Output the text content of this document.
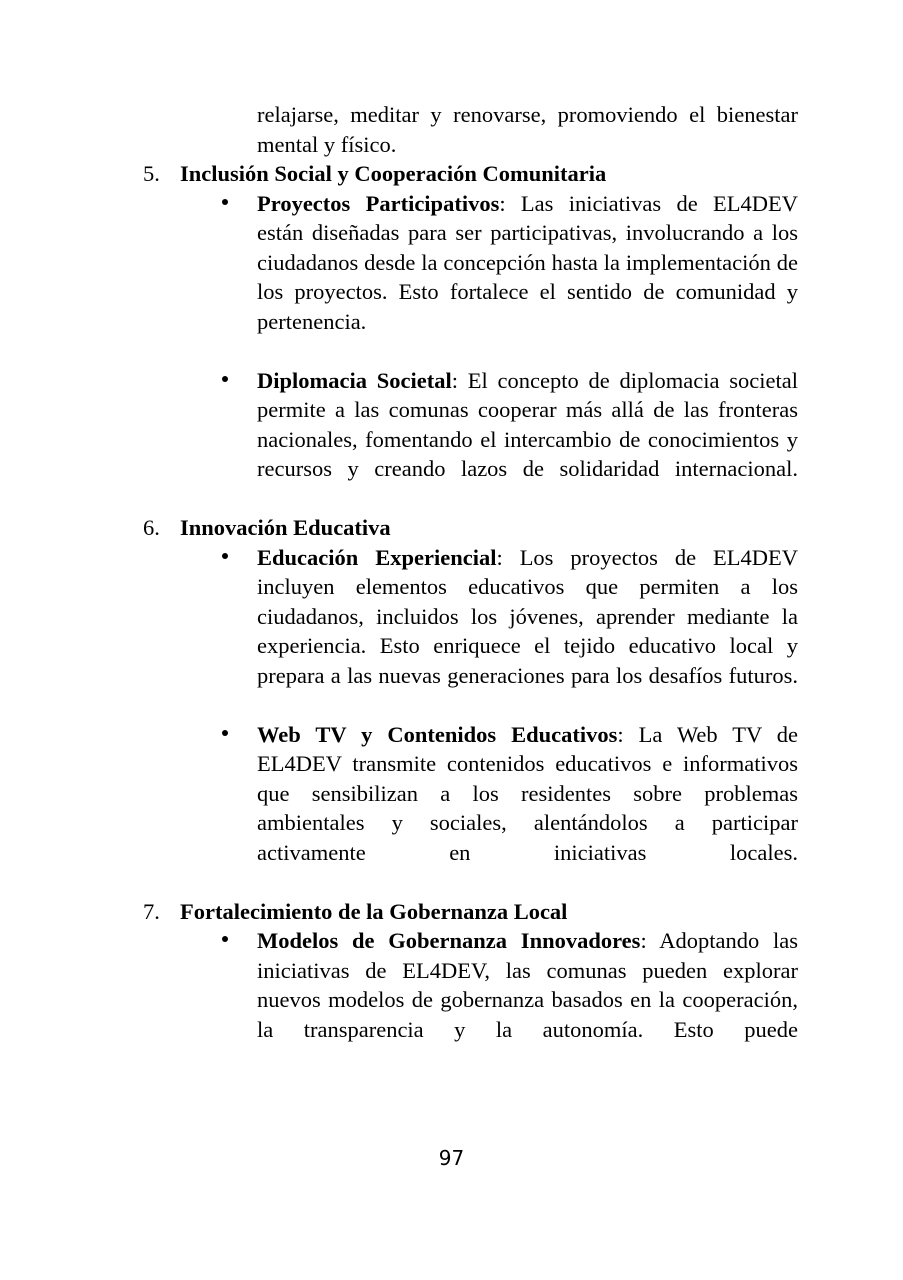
relajarse, meditar y renovarse, promoviendo el bienestar mental y físico.

5. Inclusión Social y Cooperación Comunitaria
Proyectos Participativos: Las iniciativas de EL4DEV están diseñadas para ser participativas, involucrando a los ciudadanos desde la concepción hasta la implementación de los proyectos. Esto fortalece el sentido de comunidad y pertenencia.
Diplomacia Societal: El concepto de diplomacia societal permite a las comunas cooperar más allá de las fronteras nacionales, fomentando el intercambio de conocimientos y recursos y creando lazos de solidaridad internacional.
6. Innovación Educativa
Educación Experiencial: Los proyectos de EL4DEV incluyen elementos educativos que permiten a los ciudadanos, incluidos los jóvenes, aprender mediante la experiencia. Esto enriquece el tejido educativo local y prepara a las nuevas generaciones para los desafíos futuros.
Web TV y Contenidos Educativos: La Web TV de EL4DEV transmite contenidos educativos e informativos que sensibilizan a los residentes sobre problemas ambientales y sociales, alentándolos a participar activamente en iniciativas locales.
7. Fortalecimiento de la Gobernanza Local
Modelos de Gobernanza Innovadores: Adoptando las iniciativas de EL4DEV, las comunas pueden explorar nuevos modelos de gobernanza basados en la cooperación, la transparencia y la autonomía. Esto puede
97
